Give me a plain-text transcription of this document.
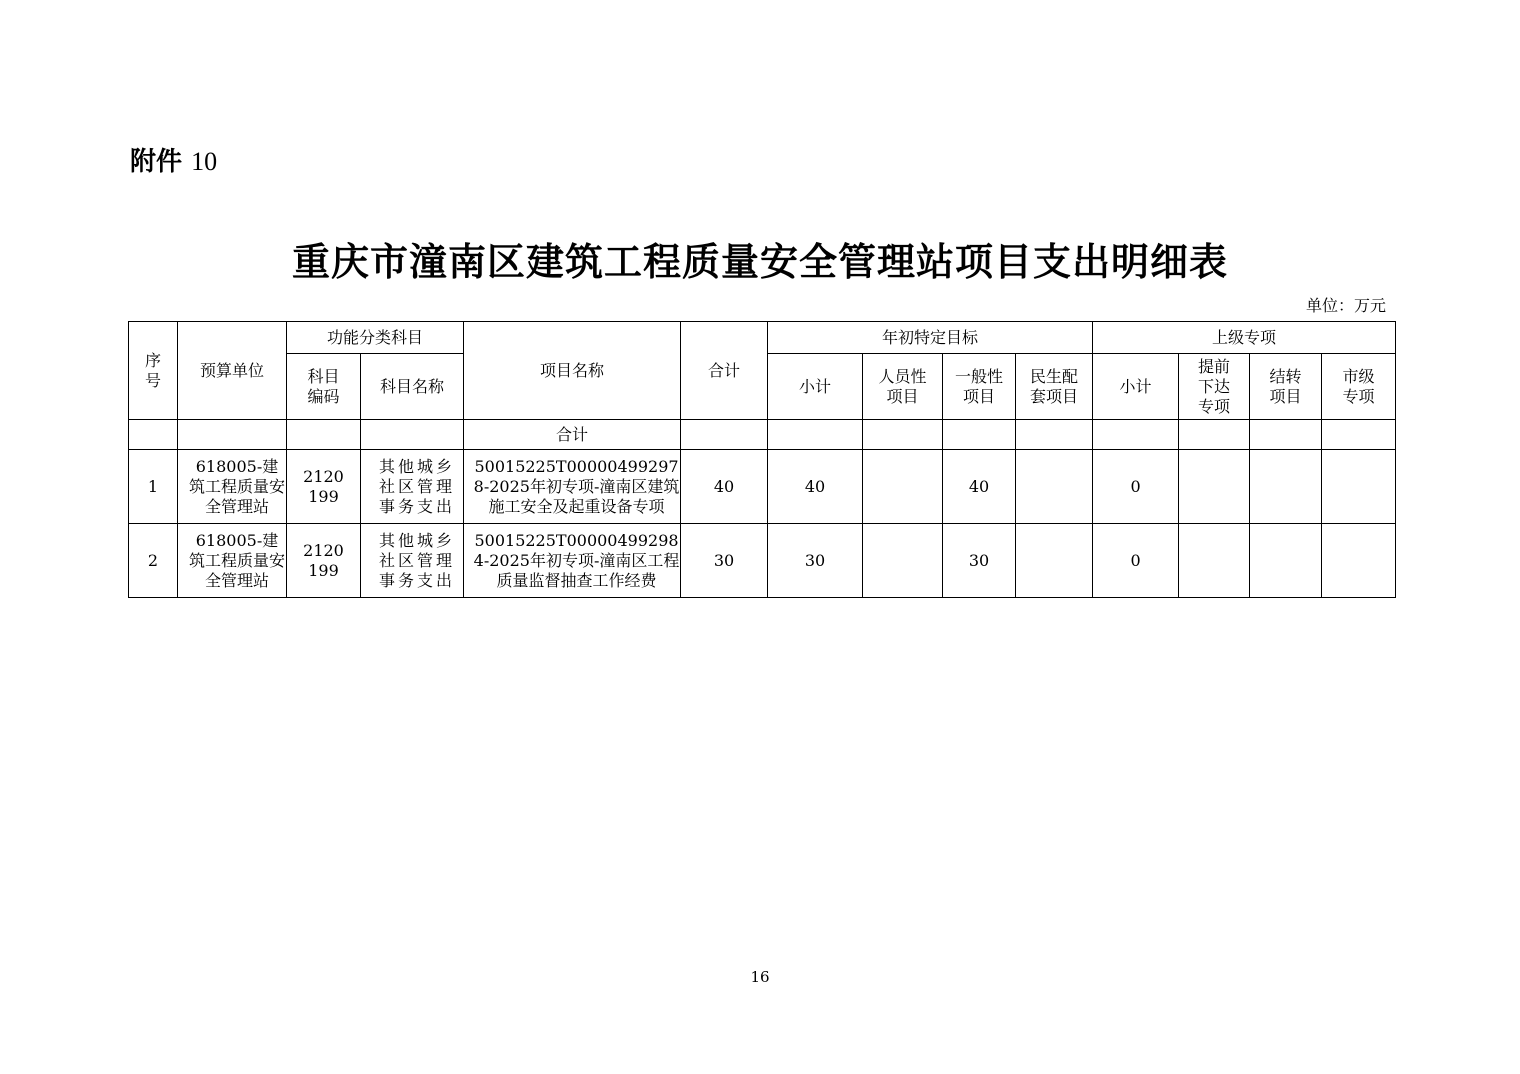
附件 10
重庆市潼南区建筑工程质量安全管理站项目支出明细表
单位：万元
序号	预算单位	功能分类科目		项目名称	合计	年初特定目标				上级专项			
		科目编码	科目名称			小计	人员性项目	一般性项目	民生配套项目	小计	提前下达专项	结转项目	市级专项
				合计									
1	618005-建筑工程质量安全管理站	2120199	其他城乡社区管理事务支出	50015225T000004992978-2025年初专项-潼南区建筑施工安全及起重设备专项	40	40		40		0			
2	618005-建筑工程质量安全管理站	2120199	其他城乡社区管理事务支出	50015225T000004992984-2025年初专项-潼南区工程质量监督抽查工作经费	30	30		30		0			
16
